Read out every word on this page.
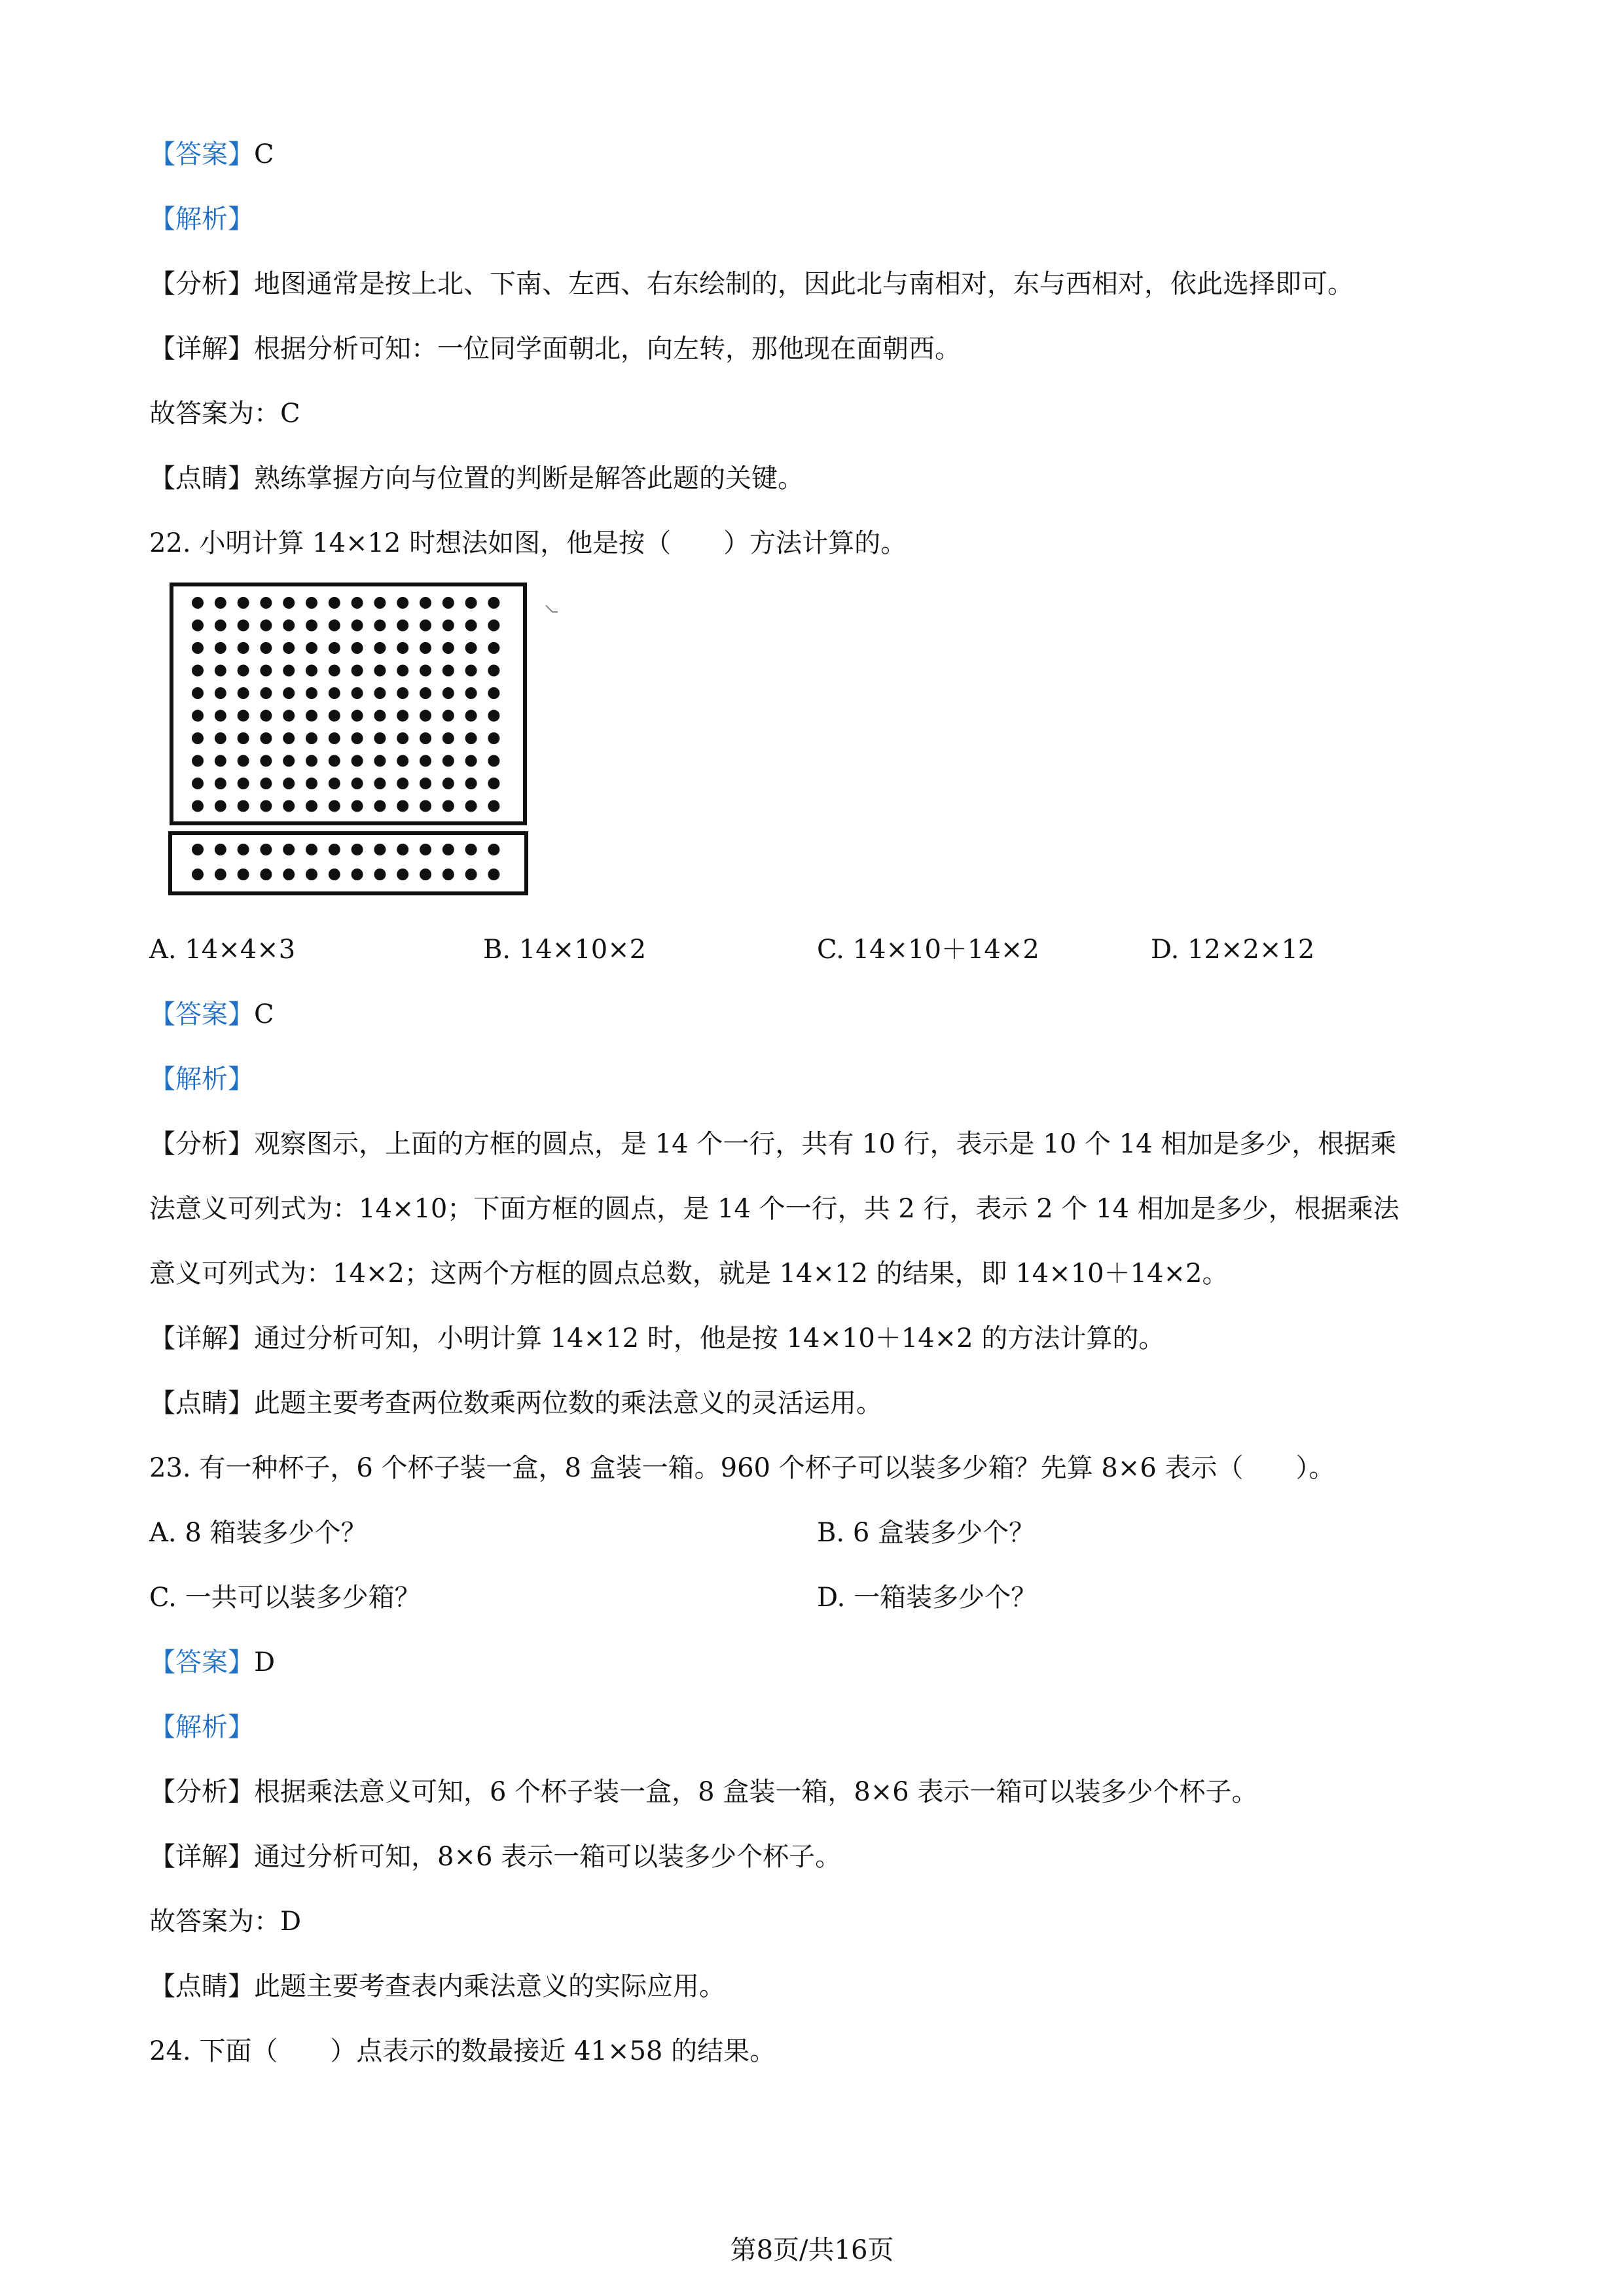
【答案】C
【解析】
【分析】地图通常是按上北、下南、左西、右东绘制的，因此北与南相对，东与西相对，依此选择即可。
【详解】根据分析可知：一位同学面朝北，向左转，那他现在面朝西。
故答案为：C
【点睛】熟练掌握方向与位置的判断是解答此题的关键。
22. 小明计算 14×12 时想法如图，他是按（　　）方法计算的。
A. 14×4×3	B. 14×10×2	C. 14×10＋14×2	D. 12×2×12
【答案】C
【解析】
【分析】观察图示，上面的方框的圆点，是 14 个一行，共有 10 行，表示是 10 个 14 相加是多少，根据乘
法意义可列式为：14×10；下面方框的圆点，是 14 个一行，共 2 行，表示 2 个 14 相加是多少，根据乘法
意义可列式为：14×2；这两个方框的圆点总数，就是 14×12 的结果，即 14×10＋14×2。
【详解】通过分析可知，小明计算 14×12 时，他是按 14×10＋14×2 的方法计算的。
【点睛】此题主要考查两位数乘两位数的乘法意义的灵活运用。
23. 有一种杯子，6 个杯子装一盒，8 盒装一箱。960 个杯子可以装多少箱？先算 8×6 表示（　　）。
A. 8 箱装多少个？	B. 6 盒装多少个？
C. 一共可以装多少箱？	D. 一箱装多少个？
【答案】D
【解析】
【分析】根据乘法意义可知，6 个杯子装一盒，8 盒装一箱，8×6 表示一箱可以装多少个杯子。
【详解】通过分析可知，8×6 表示一箱可以装多少个杯子。
故答案为：D
【点睛】此题主要考查表内乘法意义的实际应用。
24. 下面（　　）点表示的数最接近 41×58 的结果。
第8页/共16页
